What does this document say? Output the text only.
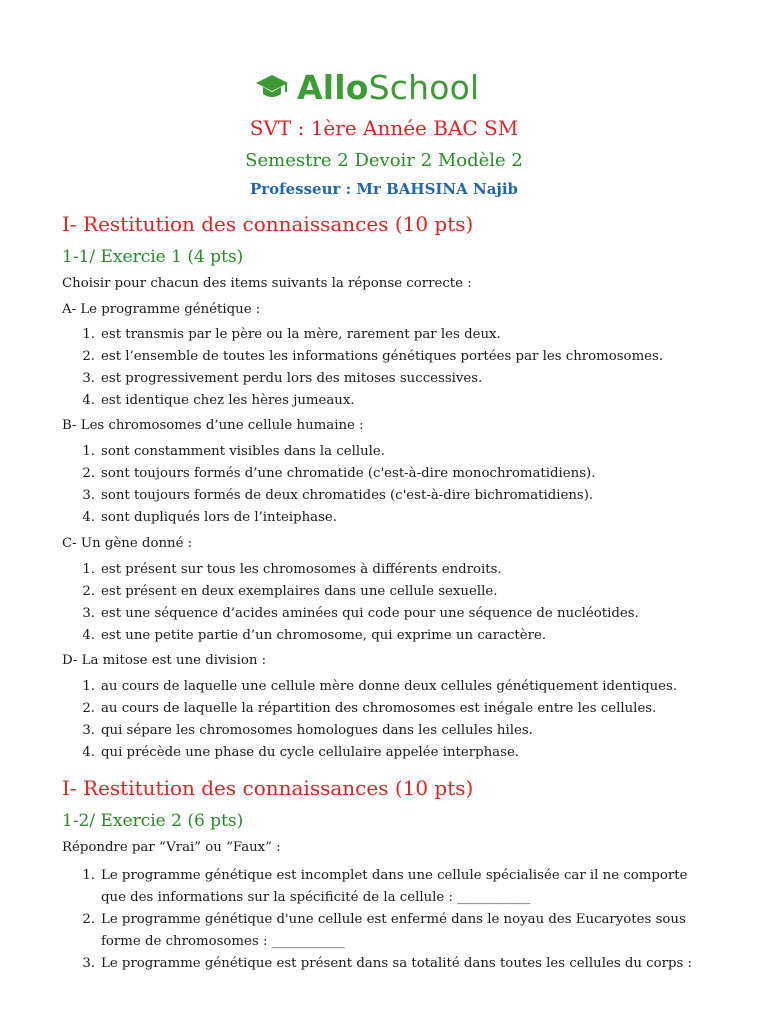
AlloSchool
SVT : 1ère Année BAC SM
Semestre 2 Devoir 2 Modèle 2
Professeur : Mr BAHSINA Najib
I- Restitution des connaissances (10 pts)
1-1/ Exercie 1 (4 pts)
Choisir pour chacun des items suivants la réponse correcte :
A- Le programme génétique :
1. est transmis par le père ou la mère, rarement par les deux.
2. est l’ensemble de toutes les informations génétiques portées par les chromosomes.
3. est progressivement perdu lors des mitoses successives.
4. est identique chez les hères jumeaux.
B- Les chromosomes d’une cellule humaine :
1. sont constamment visibles dans la cellule.
2. sont toujours formés d’une chromatide (c'est-à-dire monochromatidiens).
3. sont toujours formés de deux chromatides (c'est-à-dire bichromatidiens).
4. sont dupliqués lors de l’inteiphase.
C- Un gène donné :
1. est présent sur tous les chromosomes à différents endroits.
2. est présent en deux exemplaires dans une cellule sexuelle.
3. est une séquence d’acides aminées qui code pour une séquence de nucléotides.
4. est une petite partie d’un chromosome, qui exprime un caractère.
D- La mitose est une division :
1. au cours de laquelle une cellule mère donne deux cellules génétiquement identiques.
2. au cours de laquelle la répartition des chromosomes est inégale entre les cellules.
3. qui sépare les chromosomes homologues dans les cellules hiles.
4. qui précède une phase du cycle cellulaire appelée interphase.
I- Restitution des connaissances (10 pts)
1-2/ Exercie 2 (6 pts)
Répondre par “Vrai” ou “Faux” :
1. Le programme génétique est incomplet dans une cellule spécialisée car il ne comporte que des informations sur la spécificité de la cellule : ___________
2. Le programme génétique d'une cellule est enfermé dans le noyau des Eucaryotes sous forme de chromosomes : ___________
3. Le programme génétique est présent dans sa totalité dans toutes les cellules du corps :
